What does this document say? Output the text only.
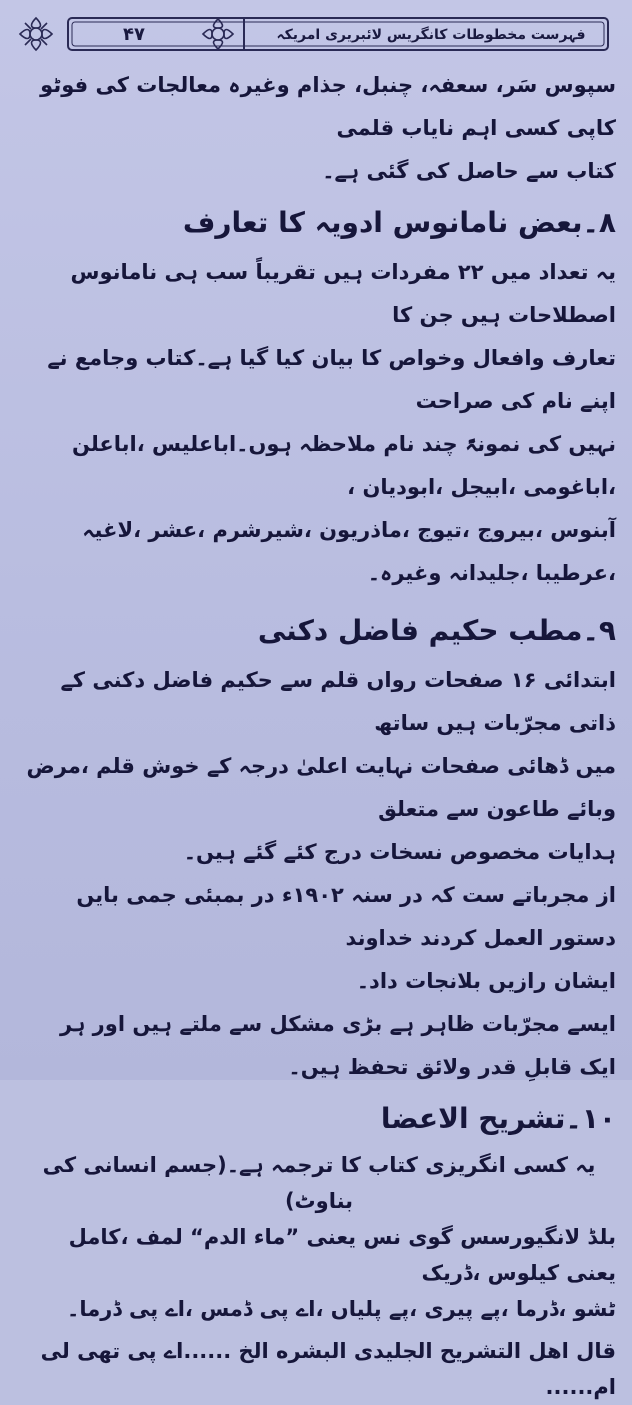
فہرست مخطوطات کانگریس لائبریری امریکہ
۴۷

سپوس سَر، سعفہ، چنبل، جذام وغیرہ معالجات کی فوٹو کاپی کسی اہم نایاب قلمی

کتاب سے حاصل کی گئی ہے۔

۸۔بعض نامانوس ادویہ کا تعارف

یہ تعداد میں ۲۲ مفردات ہیں تقریباً سب ہی نامانوس اصطلاحات ہیں جن کا

تعارف وافعال وخواص کا بیان کیا گیا ہے۔کتاب وجامع نے اپنے نام کی صراحت

نہیں کی نمونۃً چند نام ملاحظہ ہوں۔اباعلیس ،اباعلن ،اباغومی ،ابیجل ،ابودیان ،

آبنوس ،بیروج ،تیوج ،ماذریون ،شیرشرم ،عشر ،لاغیہ ،عرطیبا ،جلیدانہ وغیرہ۔

۹۔مطب حکیم فاضل دکنی

ابتدائی ۱۶ صفحات رواں قلم سے حکیم فاضل دکنی کے ذاتی مجرّبات ہیں ساتھ

میں ڈھائی صفحات نہایت اعلیٰ درجہ کے خوش قلم ،مرض وبائے طاعون سے متعلق

ہدایات مخصوص نسخات درج کئے گئے ہیں۔

از مجرباتے ست کہ در سنہ ۱۹۰۲ء در بمبئی جمی بایں دستور العمل کردند خداوند

ایشان رازیں بلانجات داد۔

ایسے مجرّبات ظاہر ہے بڑی مشکل سے ملتے ہیں اور ہر ایک قابلِ قدر ولائق تحفظ ہیں۔

۱۰۔تشریح الاعضا

یہ کسی انگریزی کتاب کا ترجمہ ہے۔(جسم انسانی کی بناوٹ)

بلڈ لانگیورسس گوی نس یعنی ”ماء الدم“ لمف ،کامل یعنی کیلوس ،ڈریک

ٹشو ،ڈرما ،پے پیری ،پے پلیاں ،اے پی ڈمس ،اے پی ڈرما۔

قال اهل التشريح الجليدی البشره الخ ......اے پی تھی لی ام......
